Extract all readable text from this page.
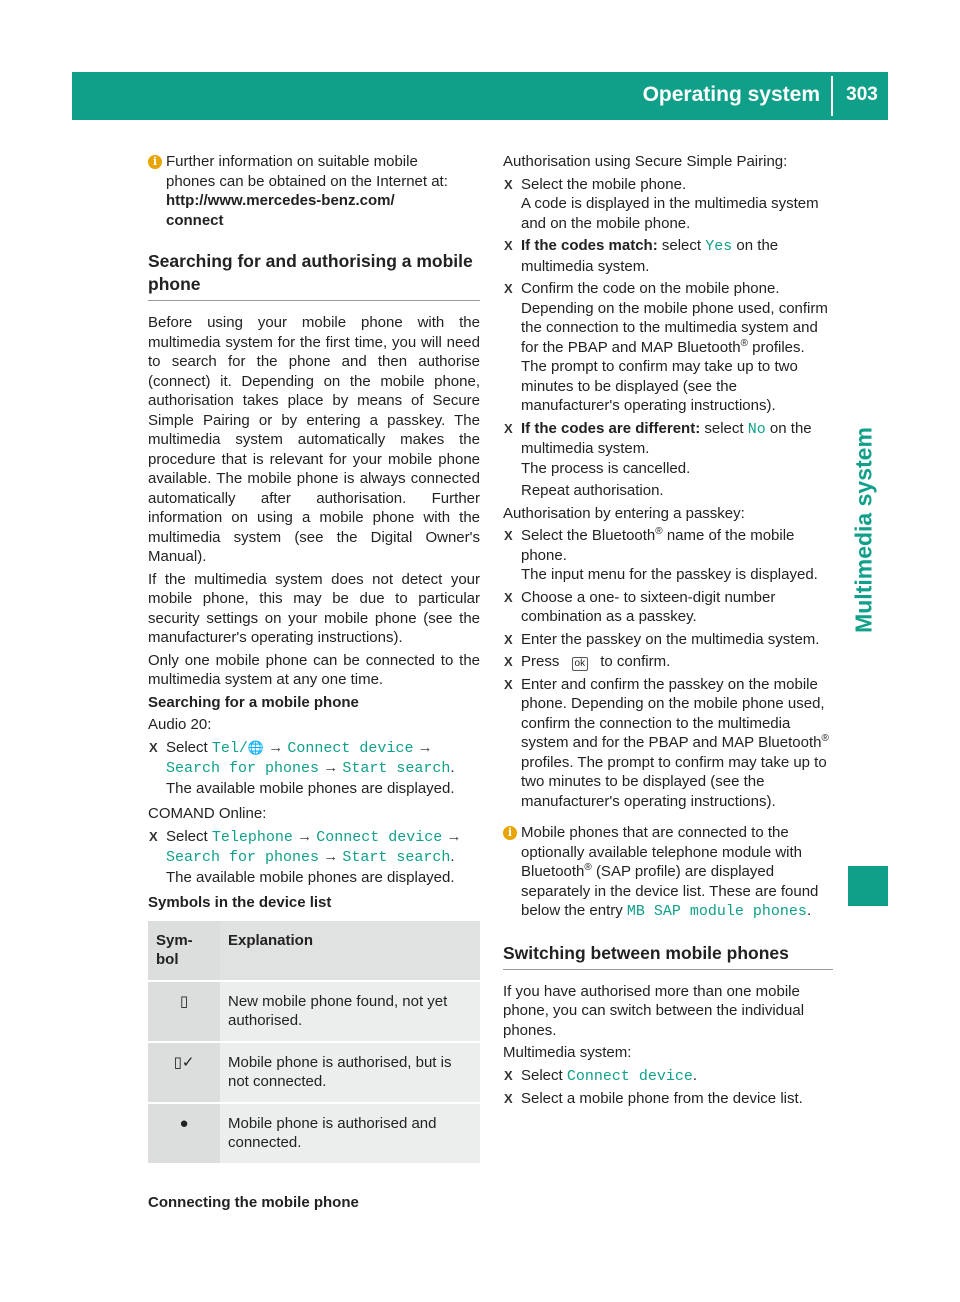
Operating system	303
Multimedia system

i Further information on suitable mobile
phones can be obtained on the Internet at:
http://www.mercedes-benz.com/
connect

Searching for and authorising a mobile phone

Before using your mobile phone with the multimedia system for the first time, you will need to search for the phone and then authorise (connect) it. Depending on the mobile phone, authorisation takes place by means of Secure Simple Pairing or by entering a passkey. The multimedia system automatically makes the procedure that is relevant for your mobile phone available. The mobile phone is always connected automatically after authorisation. Further information on using a mobile phone with the multimedia system (see the Digital Owner's Manual).

If the multimedia system does not detect your mobile phone, this may be due to particular security settings on your mobile phone (see the manufacturer's operating instructions).

Only one mobile phone can be connected to the multimedia system at any one time.

Searching for a mobile phone

Audio 20:

X Select Tel/🌐 → Connect device → Search for phones → Start search.
The available mobile phones are displayed.

COMAND Online:

X Select Telephone → Connect device → Search for phones → Start search.
The available mobile phones are displayed.

Symbols in the device list

Sym-
bol	Explanation
▯	New mobile phone found, not yet authorised.
▯✓	Mobile phone is authorised, but is not connected.
●	Mobile phone is authorised and connected.

Connecting the mobile phone

Authorisation using Secure Simple Pairing:

X Select the mobile phone.
A code is displayed in the multimedia system and on the mobile phone.
X If the codes match: select Yes on the multimedia system.
X Confirm the code on the mobile phone.
Depending on the mobile phone used, confirm the connection to the multimedia system and for the PBAP and MAP Bluetooth® profiles. The prompt to confirm may take up to two minutes to be displayed (see the manufacturer's operating instructions).
X If the codes are different: select No on the multimedia system.
The process is cancelled.
Repeat authorisation.

Authorisation by entering a passkey:

X Select the Bluetooth® name of the mobile phone.
The input menu for the passkey is displayed.
X Choose a one- to sixteen-digit number combination as a passkey.
X Enter the passkey on the multimedia system.
X Press ok to confirm.
X Enter and confirm the passkey on the mobile phone. Depending on the mobile phone used, confirm the connection to the multimedia system and for the PBAP and MAP Bluetooth® profiles. The prompt to confirm may take up to two minutes to be displayed (see the manufacturer's operating instructions).

i Mobile phones that are connected to the optionally available telephone module with Bluetooth® (SAP profile) are displayed separately in the device list. These are found below the entry MB SAP module phones.

Switching between mobile phones

If you have authorised more than one mobile phone, you can switch between the individual phones.

Multimedia system:

X Select Connect device.
X Select a mobile phone from the device list.
